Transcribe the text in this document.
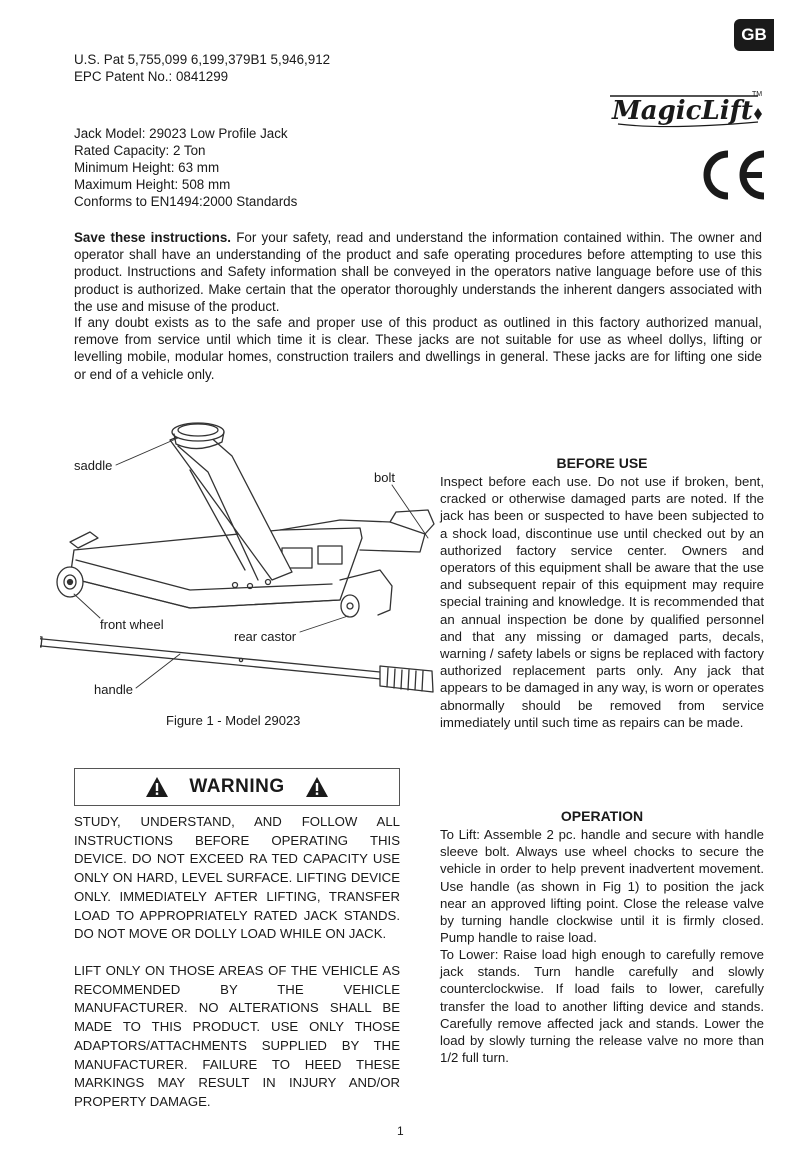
GB
U.S. Pat 5,755,099 6,199,379B1 5,946,912
EPC Patent No.: 0841299
MagicLift
TM
Jack Model: 29023 Low Profile Jack
Rated Capacity: 2 Ton
Minimum Height: 63 mm
Maximum Height: 508 mm
Conforms to EN1494:2000 Standards
Save these instructions. For your safety, read and understand the information contained within. The owner and operator shall have an understanding of the product and safe operating procedures before attempting to use this product. Instructions and Safety information shall be conveyed in the operators native language before use of this product is authorized. Make certain that the operator thoroughly understands the inherent dangers associated with the use and misuse of the product.
If any doubt exists as to the safe and proper use of this product as outlined in this factory authorized manual, remove from service until which time it is clear. These jacks are not suitable for use as wheel dollys, lifting or levelling mobile, modular homes, construction trailers and dwellings in general. These jacks are for lifting one side or end of a vehicle only.
saddle
bolt
front wheel
rear castor
handle
Figure 1 - Model 29023
BEFORE USE
Inspect before each use. Do not use if broken, bent, cracked or otherwise damaged parts are noted. If the jack has been or suspected to have been subjected to a shock load, discontinue use until checked out by an authorized factory service center. Owners and operators of this equipment shall be aware that the use and subsequent repair of this equipment may require special training and knowledge. It is recommended that an annual inspection be done by qualified personnel and that any missing or damaged parts, decals, warning / safety labels or signs be replaced with factory authorized replacement parts only. Any jack that appears to be damaged in any way, is worn or operates abnormally should be removed from service immediately until such time as repairs can be made.
WARNING
STUDY, UNDERSTAND, AND FOLLOW ALL INSTRUCTIONS BEFORE OPERATING THIS DEVICE. DO NOT EXCEED RA TED CAPACITY USE ONLY ON HARD, LEVEL SURFACE. LIFTING DEVICE ONLY. IMMEDIATELY AFTER LIFTING, TRANSFER LOAD TO APPROPRIATELY RATED JACK STANDS. DO NOT MOVE OR DOLLY LOAD WHILE ON JACK.
LIFT ONLY ON THOSE AREAS OF THE VEHICLE AS RECOMMENDED BY THE VEHICLE MANUFACTURER. NO ALTERATIONS SHALL BE MADE TO THIS PRODUCT. USE ONLY THOSE ADAPTORS/ATTACHMENTS SUPPLIED BY THE MANUFACTURER. FAILURE TO HEED THESE MARKINGS MAY RESULT IN INJURY AND/OR PROPERTY DAMAGE.
OPERATION
To Lift: Assemble 2 pc. handle and secure with handle sleeve bolt. Always use wheel chocks to secure the vehicle in order to help prevent inadvertent movement. Use handle (as shown in Fig 1) to position the jack near an approved lifting point. Close the release valve by turning handle clockwise until it is firmly closed. Pump handle to raise load.
To Lower: Raise load high enough to carefully remove jack stands. Turn handle carefully and slowly counterclockwise. If load fails to lower, carefully transfer the load to another lifting device and stands. Carefully remove affected jack and stands. Lower the load by slowly turning the release valve no more than 1/2 full turn.
1
